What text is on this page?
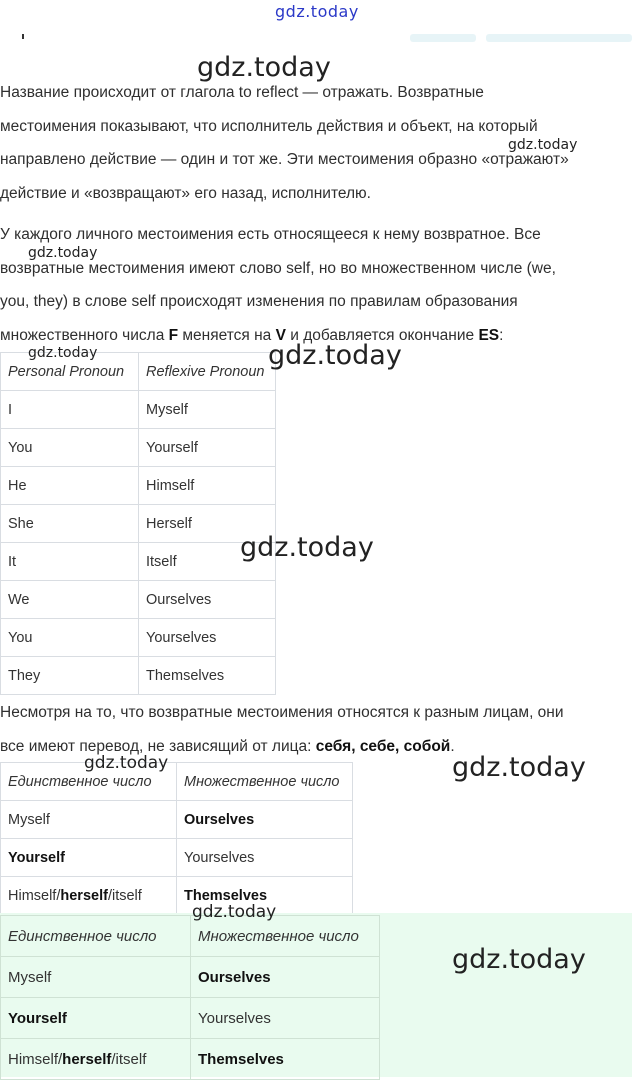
gdz.today
Название происходит от глагола to reflect — отражать. Возвратные
местоимения показывают, что исполнитель действия и объект, на который
направлено действие — один и тот же. Эти местоимения образно «отражают»
действие и «возвращают» его назад, исполнителю.
У каждого личного местоимения есть относящееся к нему возвратное. Все
возвратные местоимения имеют слово self, но во множественном числе (we,
you, they) в слове self происходят изменения по правилам образования
множественного числа F меняется на V и добавляется окончание ES:
Personal Pronoun	Reflexive Pronoun
I	Myself
You	Yourself
He	Himself
She	Herself
It	Itself
We	Ourselves
You	Yourselves
They	Themselves
Несмотря на то, что возвратные местоимения относятся к разным лицам, они
все имеют перевод, не зависящий от лица: себя, себе, собой.
Единственное число	Множественное число
Myself	Ourselves
Yourself	Yourselves
Himself/herself/itself	Themselves
Единственное число	Множественное число
Myself	Ourselves
Yourself	Yourselves
Himself/herself/itself	Themselves
gdz.today
gdz.today
gdz.today
gdz.today	gdz.today
gdz.today
gdz.today	gdz.today
gdz.today
gdz.today
